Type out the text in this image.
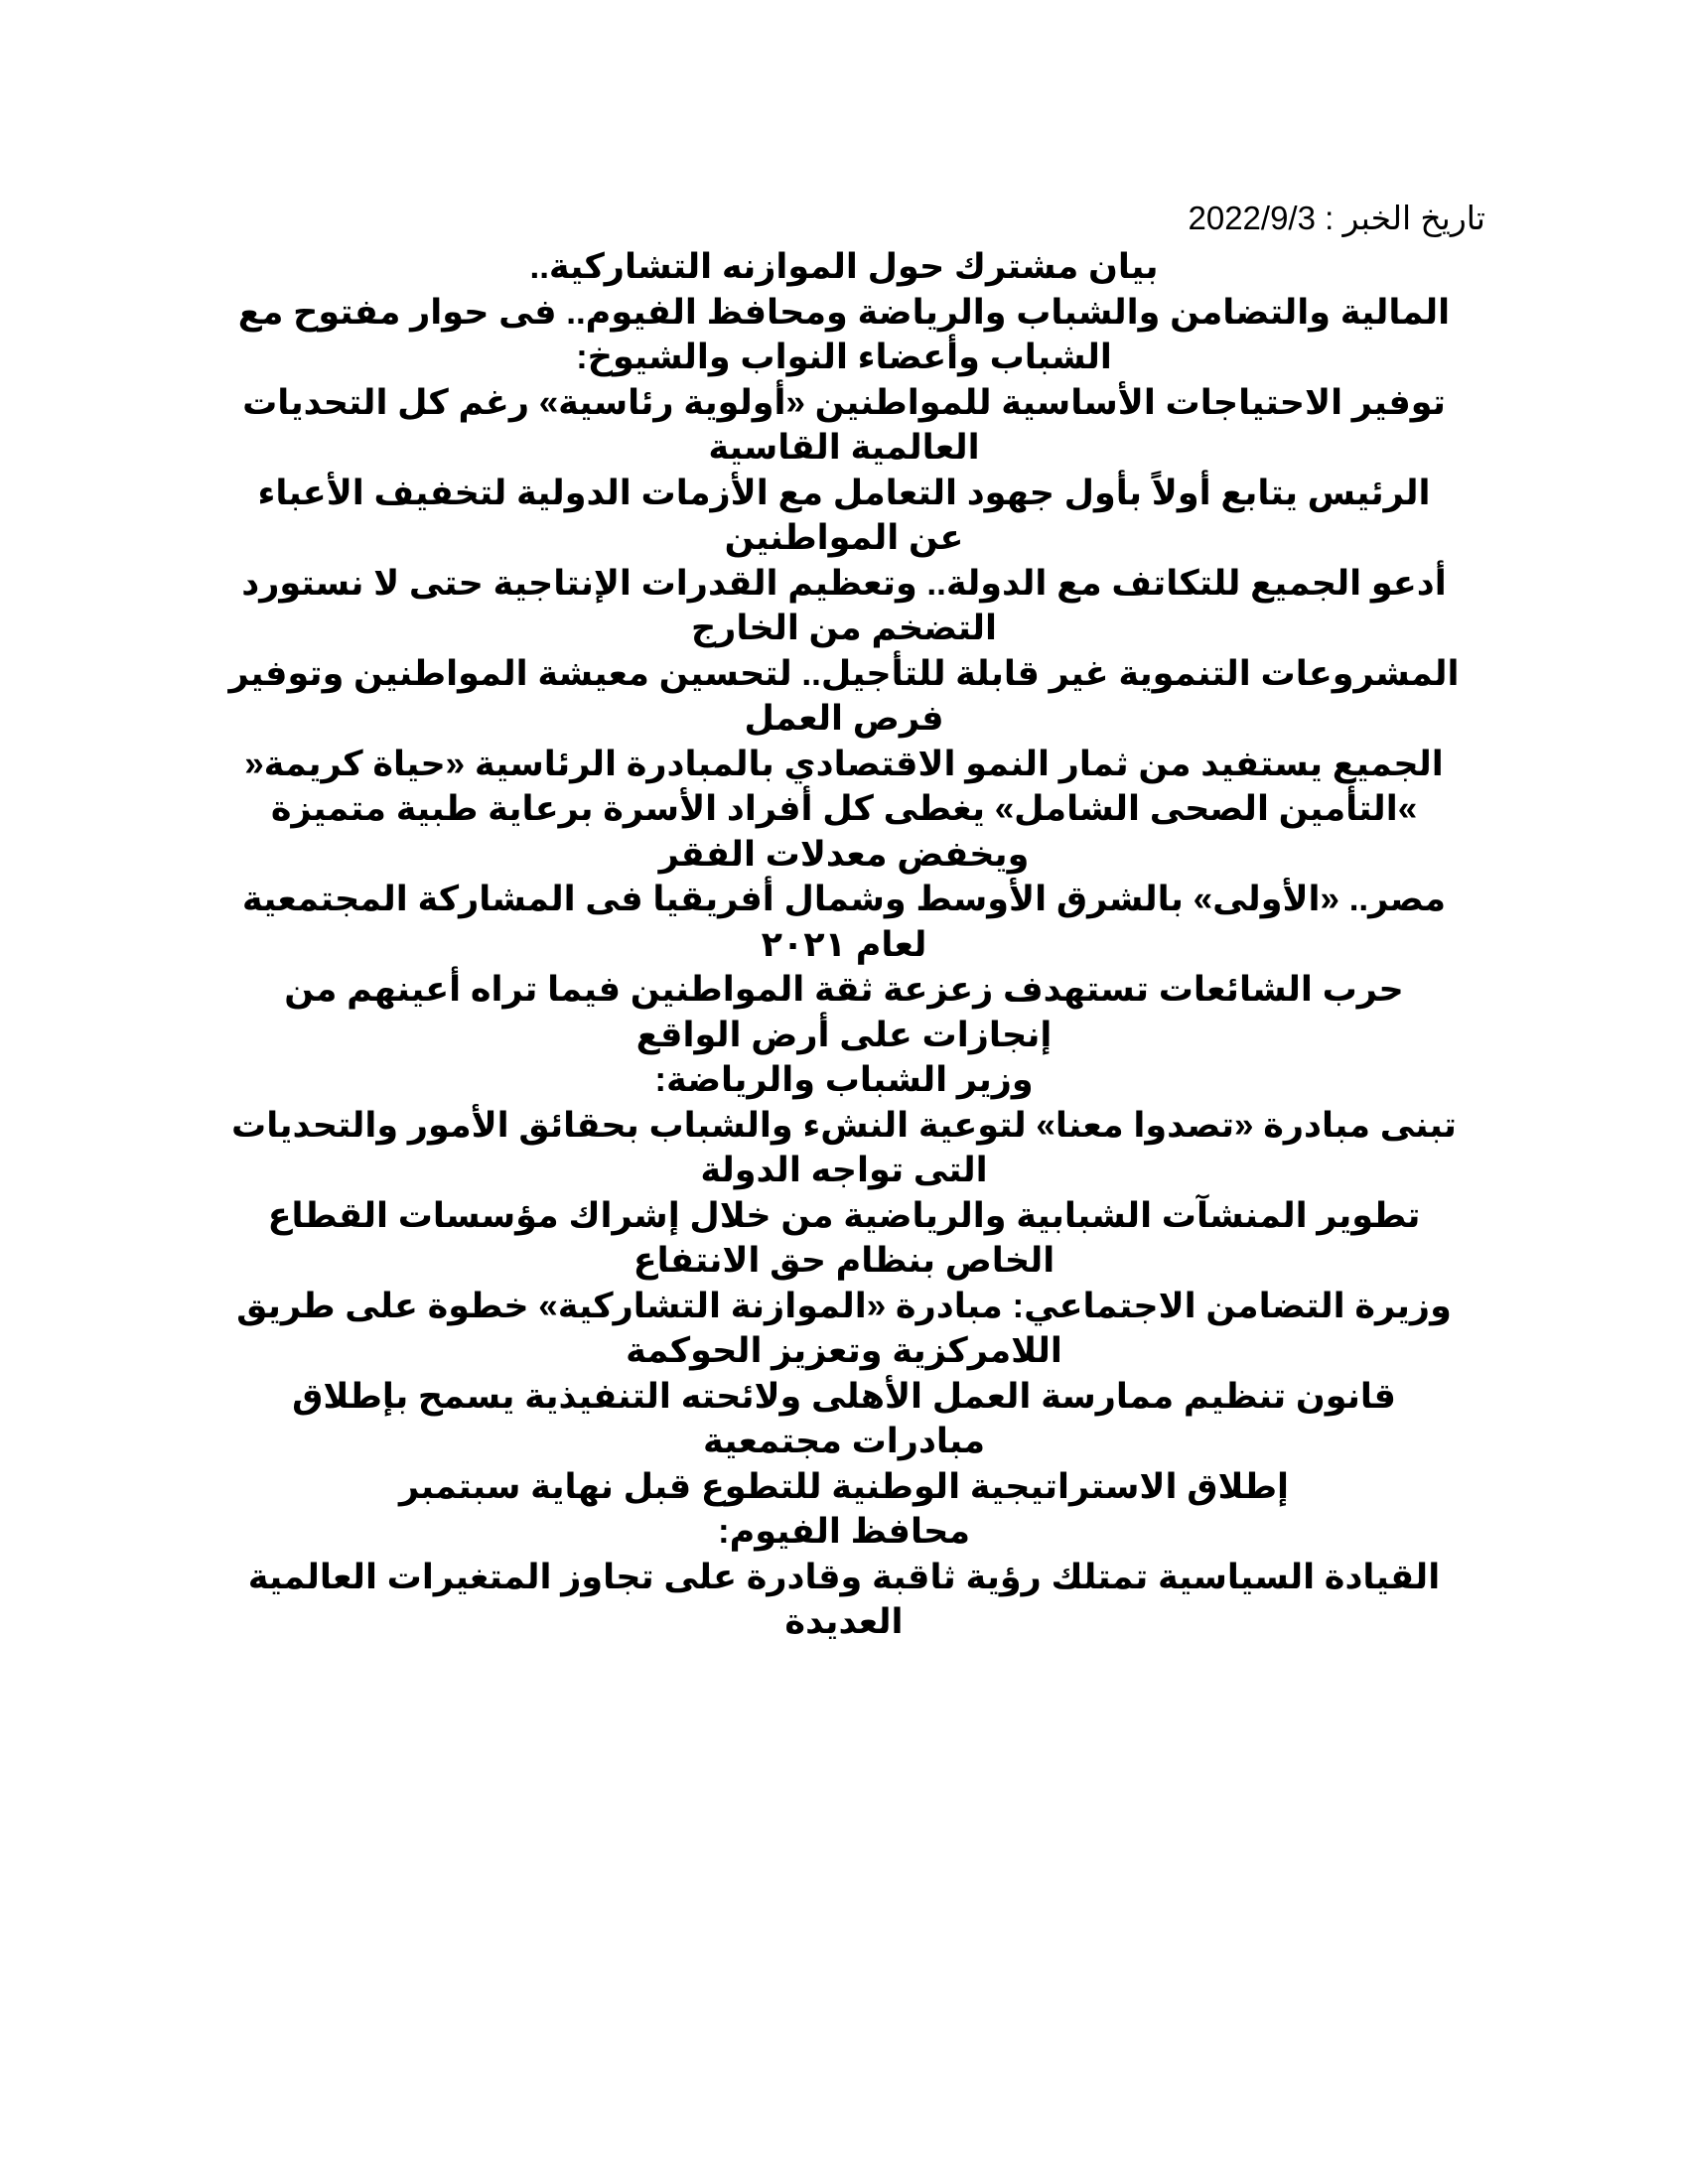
تاريخ الخبر : 2022/9/3

بيان مشترك حول الموازنه التشاركية..

المالية والتضامن والشباب والرياضة ومحافظ الفيوم.. فى حوار مفتوح مع الشباب وأعضاء النواب والشيوخ:

توفير الاحتياجات الأساسية للمواطنين «أولوية رئاسية» رغم كل التحديات العالمية القاسية

الرئيس يتابع أولاً بأول جهود التعامل مع الأزمات الدولية لتخفيف الأعباء عن المواطنين

أدعو الجميع للتكاتف مع الدولة.. وتعظيم القدرات الإنتاجية حتى لا نستورد التضخم من الخارج

المشروعات التنموية غير قابلة للتأجيل.. لتحسين معيشة المواطنين وتوفير فرص العمل

الجميع يستفيد من ثمار النمو الاقتصادي بالمبادرة الرئاسية «حياة كريمة« »التأمين الصحى الشامل» يغطى كل أفراد الأسرة برعاية طبية متميزة ويخفض معدلات الفقر

مصر.. «الأولى» بالشرق الأوسط وشمال أفريقيا فى المشاركة المجتمعية لعام ٢٠٢١

حرب الشائعات تستهدف زعزعة ثقة المواطنين فيما تراه أعينهم من إنجازات على أرض الواقع

وزير الشباب والرياضة:

تبنى مبادرة «تصدوا معنا» لتوعية النشء والشباب بحقائق الأمور والتحديات التى تواجه الدولة

تطوير المنشآت الشبابية والرياضية من خلال إشراك مؤسسات القطاع الخاص بنظام حق الانتفاع

وزيرة التضامن الاجتماعي: مبادرة «الموازنة التشاركية» خطوة على طريق اللامركزية وتعزيز الحوكمة

قانون تنظيم ممارسة العمل الأهلى ولائحته التنفيذية يسمح بإطلاق مبادرات مجتمعية

إطلاق الاستراتيجية الوطنية للتطوع قبل نهاية سبتمبر

محافظ الفيوم:

القيادة السياسية تمتلك رؤية ثاقبة وقادرة على تجاوز المتغيرات العالمية العديدة
